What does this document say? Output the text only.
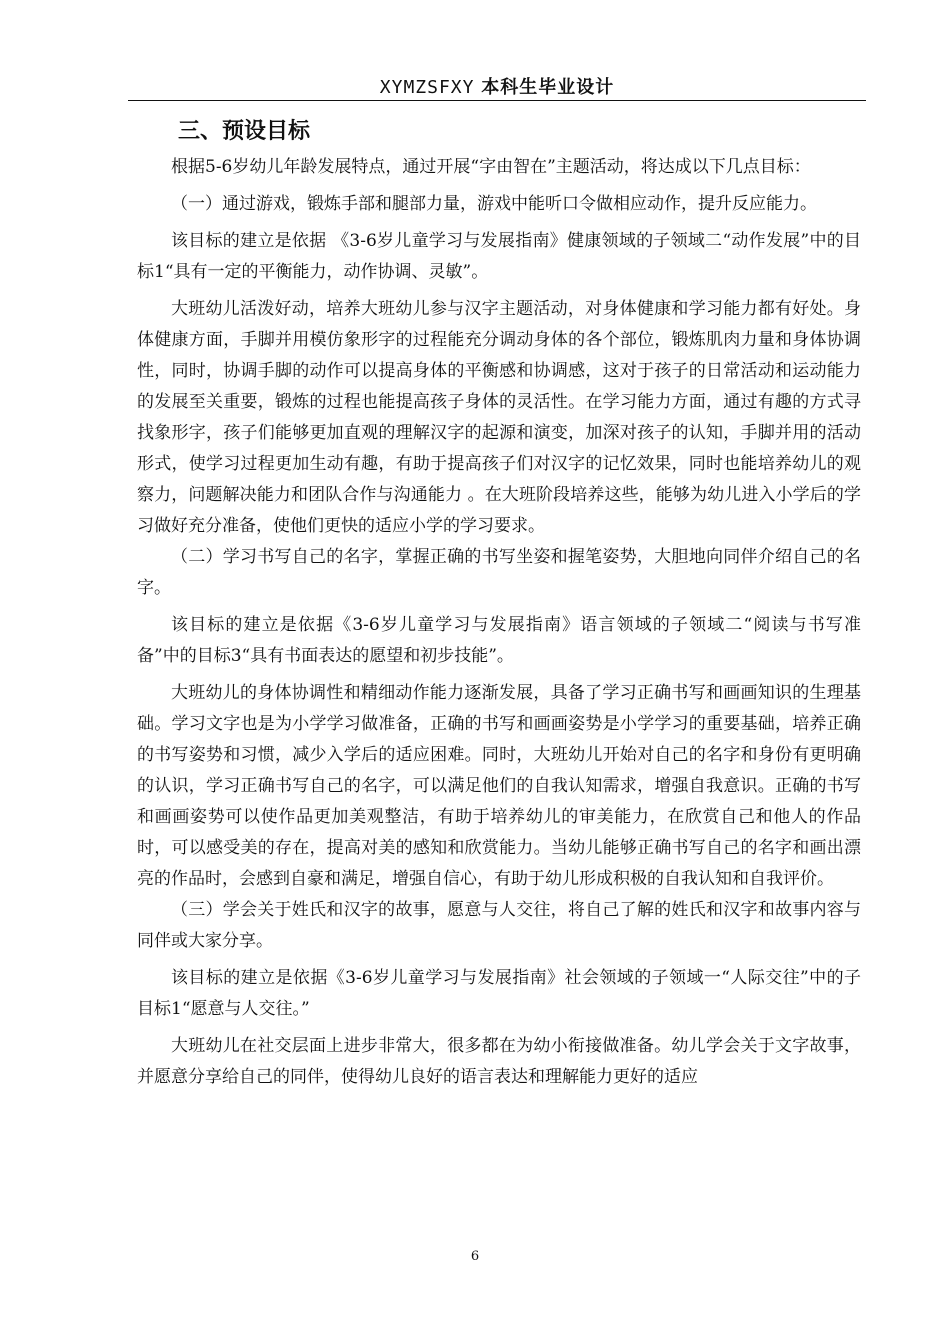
XYMZSFXY 本科生毕业设计
三、预设目标

根据5-6岁幼儿年龄发展特点，通过开展“字由智在”主题活动，将达成以下几点目标：

（一）通过游戏，锻炼手部和腿部力量，游戏中能听口令做相应动作，提升反应能力。

该目标的建立是依据 《3-6岁儿童学习与发展指南》健康领域的子领域二“动作发展”中的目标1“具有一定的平衡能力，动作协调、灵敏”。

大班幼儿活泼好动，培养大班幼儿参与汉字主题活动，对身体健康和学习能力都有好处。身体健康方面，手脚并用模仿象形字的过程能充分调动身体的各个部位，锻炼肌肉力量和身体协调性，同时，协调手脚的动作可以提高身体的平衡感和协调感，这对于孩子的日常活动和运动能力的发展至关重要，锻炼的过程也能提高孩子身体的灵活性。在学习能力方面，通过有趣的方式寻找象形字，孩子们能够更加直观的理解汉字的起源和演变，加深对孩子的认知，手脚并用的活动形式，使学习过程更加生动有趣，有助于提高孩子们对汉字的记忆效果，同时也能培养幼儿的观察力，问题解决能力和团队合作与沟通能力 。在大班阶段培养这些，能够为幼儿进入小学后的学习做好充分准备，使他们更快的适应小学的学习要求。

（二）学习书写自己的名字，掌握正确的书写坐姿和握笔姿势，大胆地向同伴介绍自己的名字。

该目标的建立是依据《3-6岁儿童学习与发展指南》语言领域的子领域二“阅读与书写准备”中的目标3“具有书面表达的愿望和初步技能”。

大班幼儿的身体协调性和精细动作能力逐渐发展，具备了学习正确书写和画画知识的生理基础。学习文字也是为小学学习做准备，正确的书写和画画姿势是小学学习的重要基础，培养正确的书写姿势和习惯，减少入学后的适应困难。同时，大班幼儿开始对自己的名字和身份有更明确的认识，学习正确书写自己的名字，可以满足他们的自我认知需求，增强自我意识。正确的书写和画画姿势可以使作品更加美观整洁，有助于培养幼儿的审美能力，在欣赏自己和他人的作品时，可以感受美的存在，提高对美的感知和欣赏能力。当幼儿能够正确书写自己的名字和画出漂亮的作品时，会感到自豪和满足，增强自信心，有助于幼儿形成积极的自我认知和自我评价。

（三）学会关于姓氏和汉字的故事，愿意与人交往，将自己了解的姓氏和汉字和故事内容与同伴或大家分享。

该目标的建立是依据《3-6岁儿童学习与发展指南》社会领域的子领域一“人际交往”中的子目标1“愿意与人交往。”

大班幼儿在社交层面上进步非常大，很多都在为幼小衔接做准备。幼儿学会关于文字故事，并愿意分享给自己的同伴，使得幼儿良好的语言表达和理解能力更好的适应

6
